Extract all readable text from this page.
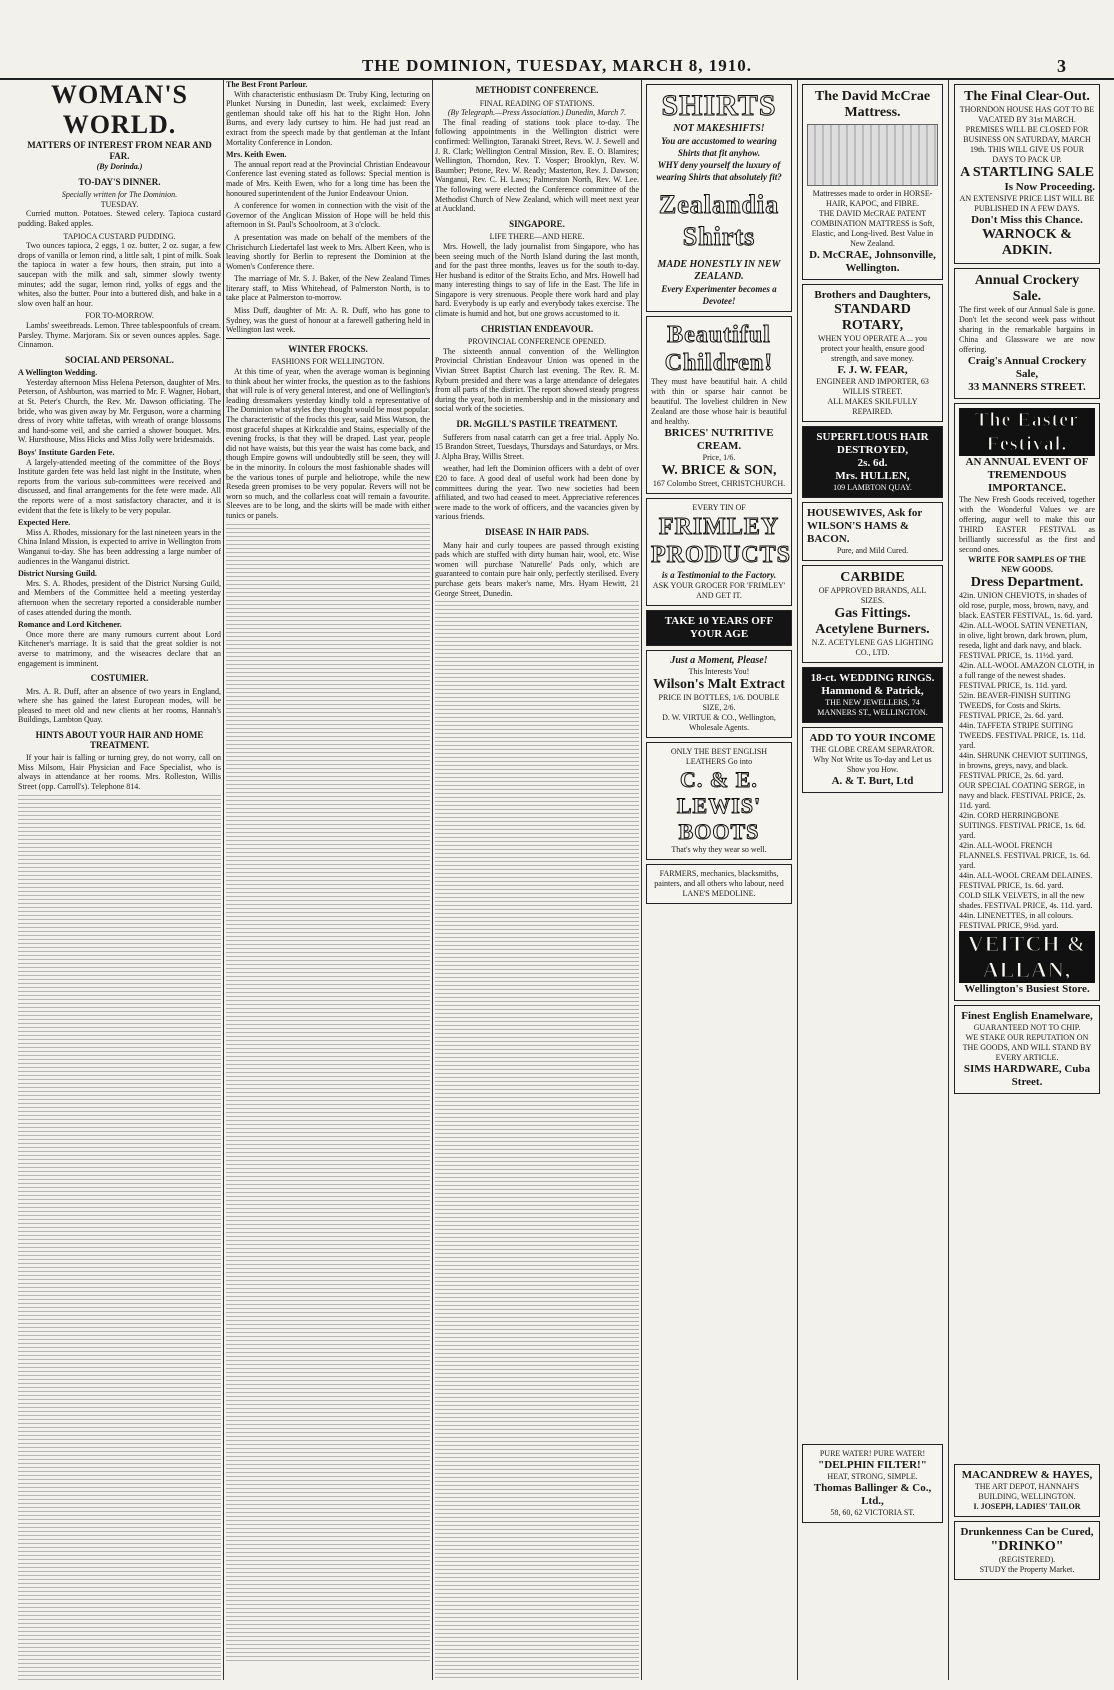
THE DOMINION, TUESDAY, MARCH 8, 1910.	3
WOMAN'S WORLD.
MATTERS OF INTEREST FROM NEAR AND FAR.
(By Dorinda.)
TO-DAY'S DINNER.
Specially written for The Dominion.
TUESDAY.

Curried mutton. Potatoes. Stewed celery. Tapioca custard pudding. Baked apples.

TAPIOCA CUSTARD PUDDING.

Two ounces tapioca, 2 eggs, 1 oz. butter, 2 oz. sugar, a few drops of vanilla or lemon rind, a little salt, 1 pint of milk. Soak the tapioca in water a few hours, then strain, put into a saucepan with the milk and salt, simmer slowly twenty minutes; add the sugar, lemon rind, yolks of eggs and the whites, also the butter. Pour into a buttered dish, and bake in a slow oven half an hour.

FOR TO-MORROW.

Lambs' sweetbreads. Lemon. Three tablespoonfuls of cream. Parsley. Thyme. Marjoram. Six or seven ounces apples. Sage. Cinnamon.

SOCIAL AND PERSONAL.
A Wellington Wedding.

Yesterday afternoon Miss Helena Peterson, daughter of Mrs. Peterson, of Ashburton, was married to Mr. F. Wagner, Hobart, at St. Peter's Church, the Rev. Mr. Dawson officiating. The bride, who was given away by Mr. Ferguson, wore a charming dress of ivory white taffetas, with wreath of orange blossoms and hand-some veil, and she carried a shower bouquet. Mrs. W. Hursthouse, Miss Hicks and Miss Jolly were bridesmaids.

Boys' Institute Garden Fete.

A largely-attended meeting of the committee of the Boys' Institute garden fete was held last night in the Institute, when reports from the various sub-committees were received and discussed, and final arrangements for the fete were made. All the reports were of a most satisfactory character, and it is evident that the fete is likely to be very popular.

Expected Here.

Miss A. Rhodes, missionary for the last nineteen years in the China Inland Mission, is expected to arrive in Wellington from Wanganui to-day. She has been addressing a large number of audiences in the Wanganui district.

District Nursing Guild.

Mrs. S. A. Rhodes, president of the District Nursing Guild, and Members of the Committee held a meeting yesterday afternoon when the secretary reported a considerable number of cases attended during the month.

Romance and Lord Kitchener.

Once more there are many rumours current about Lord Kitchener's marriage. It is said that the great soldier is not averse to matrimony, and the wiseacres declare that an engagement is imminent.

COSTUMIER.

Mrs. A. R. Duff, after an absence of two years in England, where she has gained the latest European modes, will be pleased to meet old and new clients at her rooms, Hannah's Buildings, Lambton Quay.

HINTS ABOUT YOUR HAIR AND HOME TREATMENT.

If your hair is falling or turning grey, do not worry, call on Miss Milsom, Hair Physician and Face Specialist, who is always in attendance at her rooms. Mrs. Rolleston, Willis Street (opp. Carroll's). Telephone 814.

The Best Front Parlour.

With characteristic enthusiasm Dr. Truby King, lecturing on Plunket Nursing in Dunedin, last week, exclaimed: Every gentleman should take off his hat to the Right Hon. John Burns, and every lady curtsey to him. He had just read an extract from the speech made by that gentleman at the Infant Mortality Conference in London.

Mrs. Keith Ewen.

The annual report read at the Provincial Christian Endeavour Conference last evening stated as follows: Special mention is made of Mrs. Keith Ewen, who for a long time has been the honoured superintendent of the Junior Endeavour Union.

A conference for women in connection with the visit of the Governor of the Anglican Mission of Hope will be held this afternoon in St. Paul's Schoolroom, at 3 o'clock.

A presentation was made on behalf of the members of the Christchurch Liedertafel last week to Mrs. Albert Keen, who is leaving shortly for Berlin to represent the Dominion at the Women's Conference there.

The marriage of Mr. S. J. Baker, of the New Zealand Times literary staff, to Miss Whitehead, of Palmerston North, is to take place at Palmerston to-morrow.

Miss Duff, daughter of Mr. A. R. Duff, who has gone to Sydney, was the guest of honour at a farewell gathering held in Wellington last week.

WINTER FROCKS.
FASHIONS FOR WELLINGTON.

At this time of year, when the average woman is beginning to think about her winter frocks, the question as to the fashions that will rule is of very general interest, and one of Wellington's leading dressmakers yesterday kindly told a representative of The Dominion what styles they thought would be most popular. The characteristic of the frocks this year, said Miss Watson, the most graceful shapes at Kirkcaldie and Stains, especially of the evening frocks, is that they will be draped. Last year, people did not have waists, but this year the waist has come back, and though Empire gowns will undoubtedly still be seen, they will be in the minority. In colours the most fashionable shades will be the various tones of purple and heliotrope, while the new Reseda green promises to be very popular. Revers will not be worn so much, and the collarless coat will remain a favourite. Sleeves are to be long, and the skirts will be made with either tunics or panels.

METHODIST CONFERENCE.
FINAL READING OF STATIONS.
(By Telegraph.—Press Association.) Dunedin, March 7.

The final reading of stations took place to-day. The following appointments in the Wellington district were confirmed: Wellington, Taranaki Street, Revs. W. J. Sewell and J. R. Clark; Wellington Central Mission, Rev. E. O. Blamires; Wellington, Thorndon, Rev. T. Vosper; Brooklyn, Rev. W. Baumber; Petone, Rev. W. Ready; Masterton, Rev. J. Dawson; Wanganui, Rev. C. H. Laws; Palmerston North, Rev. W. Lee. The following were elected the Conference committee of the Methodist Church of New Zealand, which will meet next year at Auckland.

SINGAPORE.
LIFE THERE—AND HERE.

Mrs. Howell, the lady journalist from Singapore, who has been seeing much of the North Island during the last month, and for the past three months, leaves us for the south to-day. Her husband is editor of the Straits Echo, and Mrs. Howell had many interesting things to say of life in the East. The life in Singapore is very strenuous. People there work hard and play hard. Everybody is up early and everybody takes exercise. The climate is humid and hot, but one grows accustomed to it.

CHRISTIAN ENDEAVOUR.
PROVINCIAL CONFERENCE OPENED.

The sixteenth annual convention of the Wellington Provincial Christian Endeavour Union was opened in the Vivian Street Baptist Church last evening. The Rev. R. M. Ryburn presided and there was a large attendance of delegates from all parts of the district. The report showed steady progress during the year, both in membership and in the missionary and social work of the societies.

DR. McGILL'S PASTILE TREATMENT.

Sufferers from nasal catarrh can get a free trial. Apply No. 15 Brandon Street, Tuesdays, Thursdays and Saturdays, or Mrs. J. Alpha Bray, Willis Street.

weather, had left the Dominion officers with a debt of over £20 to face. A good deal of useful work had been done by committees during the year. Two new societies had been affiliated, and two had ceased to meet. Appreciative references were made to the work of officers, and the vacancies given by various friends.

DISEASE IN HAIR PADS.

Many hair and curly toupees are passed through existing pads which are stuffed with dirty human hair, wool, etc. Wise women will purchase 'Naturelle' Pads only, which are guaranteed to contain pure hair only, perfectly sterilised. Every purchase gets bears maker's name, Mrs. Hyam Hewitt, 21 George Street, Dunedin.

SHIRTS
NOT MAKESHIFTS!
You are accustomed to wearing Shirts that fit anyhow.
WHY deny yourself the luxury of wearing Shirts that absolutely fit?
Zealandia Shirts
MADE HONESTLY IN NEW ZEALAND.
Every Experimenter becomes a Devotee!
Beautiful Children!
They must have beautiful hair. A child with thin or sparse hair cannot be beautiful. The loveliest children in New Zealand are those whose hair is beautiful and healthy.
BRICES' NUTRITIVE CREAM.
Price, 1/6.
W. BRICE & SON,
167 Colombo Street, CHRISTCHURCH.
EVERY TIN OF
FRIMLEY PRODUCTS
is a Testimonial to the Factory.
ASK YOUR GROCER FOR 'FRIMLEY' AND GET IT.
TAKE 10 YEARS OFF YOUR AGE
Just a Moment, Please!
This Interests You!
Wilson's Malt Extract
PRICE IN BOTTLES, 1/6. DOUBLE SIZE, 2/6.
D. W. VIRTUE & CO., Wellington, Wholesale Agents.
ONLY THE BEST ENGLISH LEATHERS Go into
C. & E. LEWIS' BOOTS
That's why they wear so well.
FARMERS, mechanics, blacksmiths, painters, and all others who labour, need LANE'S MEDOLINE.
The David McCrae Mattress.
Mattresses made to order in HORSE-HAIR, KAPOC, and FIBRE.
THE DAVID McCRAE PATENT COMBINATION MATTRESS is Soft, Elastic, and Long-lived. Best Value in New Zealand.
D. McCRAE, Johnsonville, Wellington.
Brothers and Daughters,
STANDARD ROTARY,
WHEN YOU OPERATE A ... you protect your health, ensure good strength, and save money.
F. J. W. FEAR,
ENGINEER AND IMPORTER, 63 WILLIS STREET.
ALL MAKES SKILFULLY REPAIRED.
SUPERFLUOUS HAIR DESTROYED,
2s. 6d.
Mrs. HULLEN,
109 LAMBTON QUAY.
HOUSEWIVES, Ask for WILSON'S HAMS & BACON.
Pure, and Mild Cured.
CARBIDE
OF APPROVED BRANDS, ALL SIZES.
Gas Fittings.
Acetylene Burners.
N.Z. ACETYLENE GAS LIGHTING CO., LTD.
18-ct. WEDDING RINGS.
Hammond & Patrick,
THE NEW JEWELLERS, 74 MANNERS ST., WELLINGTON.
ADD TO YOUR INCOME
THE GLOBE CREAM SEPARATOR.
Why Not Write us To-day and Let us Show you How.
A. & T. Burt, Ltd
The Final Clear-Out.
THORNDON HOUSE HAS GOT TO BE VACATED BY 31st MARCH. PREMISES WILL BE CLOSED FOR BUSINESS ON SATURDAY, MARCH 19th. THIS WILL GIVE US FOUR DAYS TO PACK UP.
A STARTLING SALE
Is Now Proceeding.
AN EXTENSIVE PRICE LIST WILL BE PUBLISHED IN A FEW DAYS.
Don't Miss this Chance.
WARNOCK & ADKIN.
Annual Crockery Sale.
The first week of our Annual Sale is gone. Don't let the second week pass without sharing in the remarkable bargains in China and Glassware we are now offering.
Craig's Annual Crockery Sale,
33 MANNERS STREET.
The Easter Festival.
AN ANNUAL EVENT OF TREMENDOUS IMPORTANCE.
The New Fresh Goods received, together with the Wonderful Values we are offering, augur well to make this our THIRD EASTER FESTIVAL as brilliantly successful as the first and second ones.
WRITE FOR SAMPLES OF THE NEW GOODS.
Dress Department.
42in. UNION CHEVIOTS, in shades of old rose, purple, moss, brown, navy, and black. EASTER FESTIVAL, 1s. 6d. yard.
42in. ALL-WOOL SATIN VENETIAN, in olive, light brown, dark brown, plum, reseda, light and dark navy, and black. FESTIVAL PRICE, 1s. 11½d. yard.
42in. ALL-WOOL AMAZON CLOTH, in a full range of the newest shades. FESTIVAL PRICE, 1s. 11d. yard.
52in. BEAVER-FINISH SUITING TWEEDS, for Costs and Skirts. FESTIVAL PRICE, 2s. 6d. yard.
44in. TAFFETA STRIPE SUITING TWEEDS. FESTIVAL PRICE, 1s. 11d. yard.
44in. SHRUNK CHEVIOT SUITINGS, in browns, greys, navy, and black. FESTIVAL PRICE, 2s. 6d. yard.
OUR SPECIAL COATING SERGE, in navy and black. FESTIVAL PRICE, 2s. 11d. yard.
42in. CORD HERRINGBONE SUITINGS. FESTIVAL PRICE, 1s. 6d. yard.
42in. ALL-WOOL FRENCH FLANNELS. FESTIVAL PRICE, 1s. 6d. yard.
44in. ALL-WOOL CREAM DELAINES. FESTIVAL PRICE, 1s. 6d. yard.
COLD SILK VELVETS, in all the new shades. FESTIVAL PRICE, 4s. 11d. yard.
44in. LINENETTES, in all colours. FESTIVAL PRICE, 9½d. yard.
VEITCH & ALLAN,
Wellington's Busiest Store.
Finest English Enamelware,
GUARANTEED NOT TO CHIP.
WE STAKE OUR REPUTATION ON THE GOODS, AND WILL STAND BY EVERY ARTICLE.
SIMS HARDWARE, Cuba Street.
PURE WATER! PURE WATER!
"DELPHIN FILTER!"
HEAT, STRONG, SIMPLE.
Thomas Ballinger & Co., Ltd.,
58, 60, 62 VICTORIA ST.
MACANDREW & HAYES,
THE ART DEPOT, HANNAH'S BUILDING, WELLINGTON.
I. JOSEPH, LADIES' TAILOR
Drunkenness Can be Cured,
"DRINKO"
(REGISTERED).
STUDY the Property Market.
